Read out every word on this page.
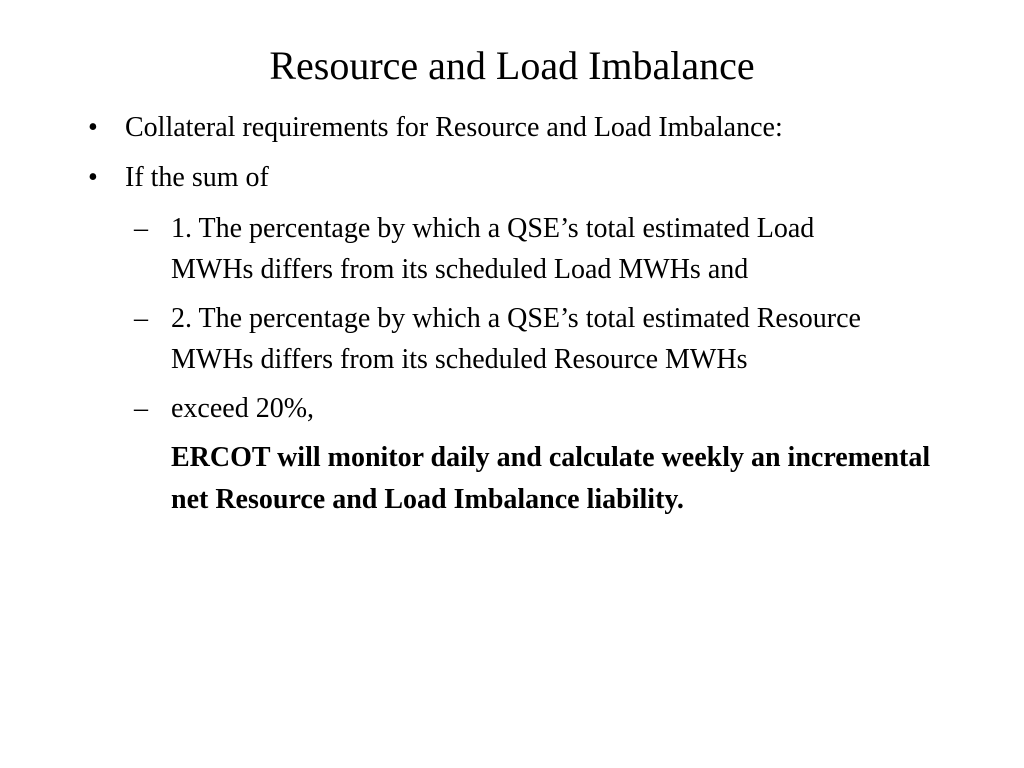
Resource and Load Imbalance
• Collateral requirements for Resource and Load Imbalance:
• If the sum of
– 1. The percentage by which a QSE’s total estimated Load MWHs differs from its scheduled Load MWHs and
– 2. The percentage by which a QSE’s total estimated Resource MWHs differs from its scheduled Resource MWHs
– exceed 20%,
ERCOT will monitor daily and calculate weekly an incremental net Resource and Load Imbalance liability.
